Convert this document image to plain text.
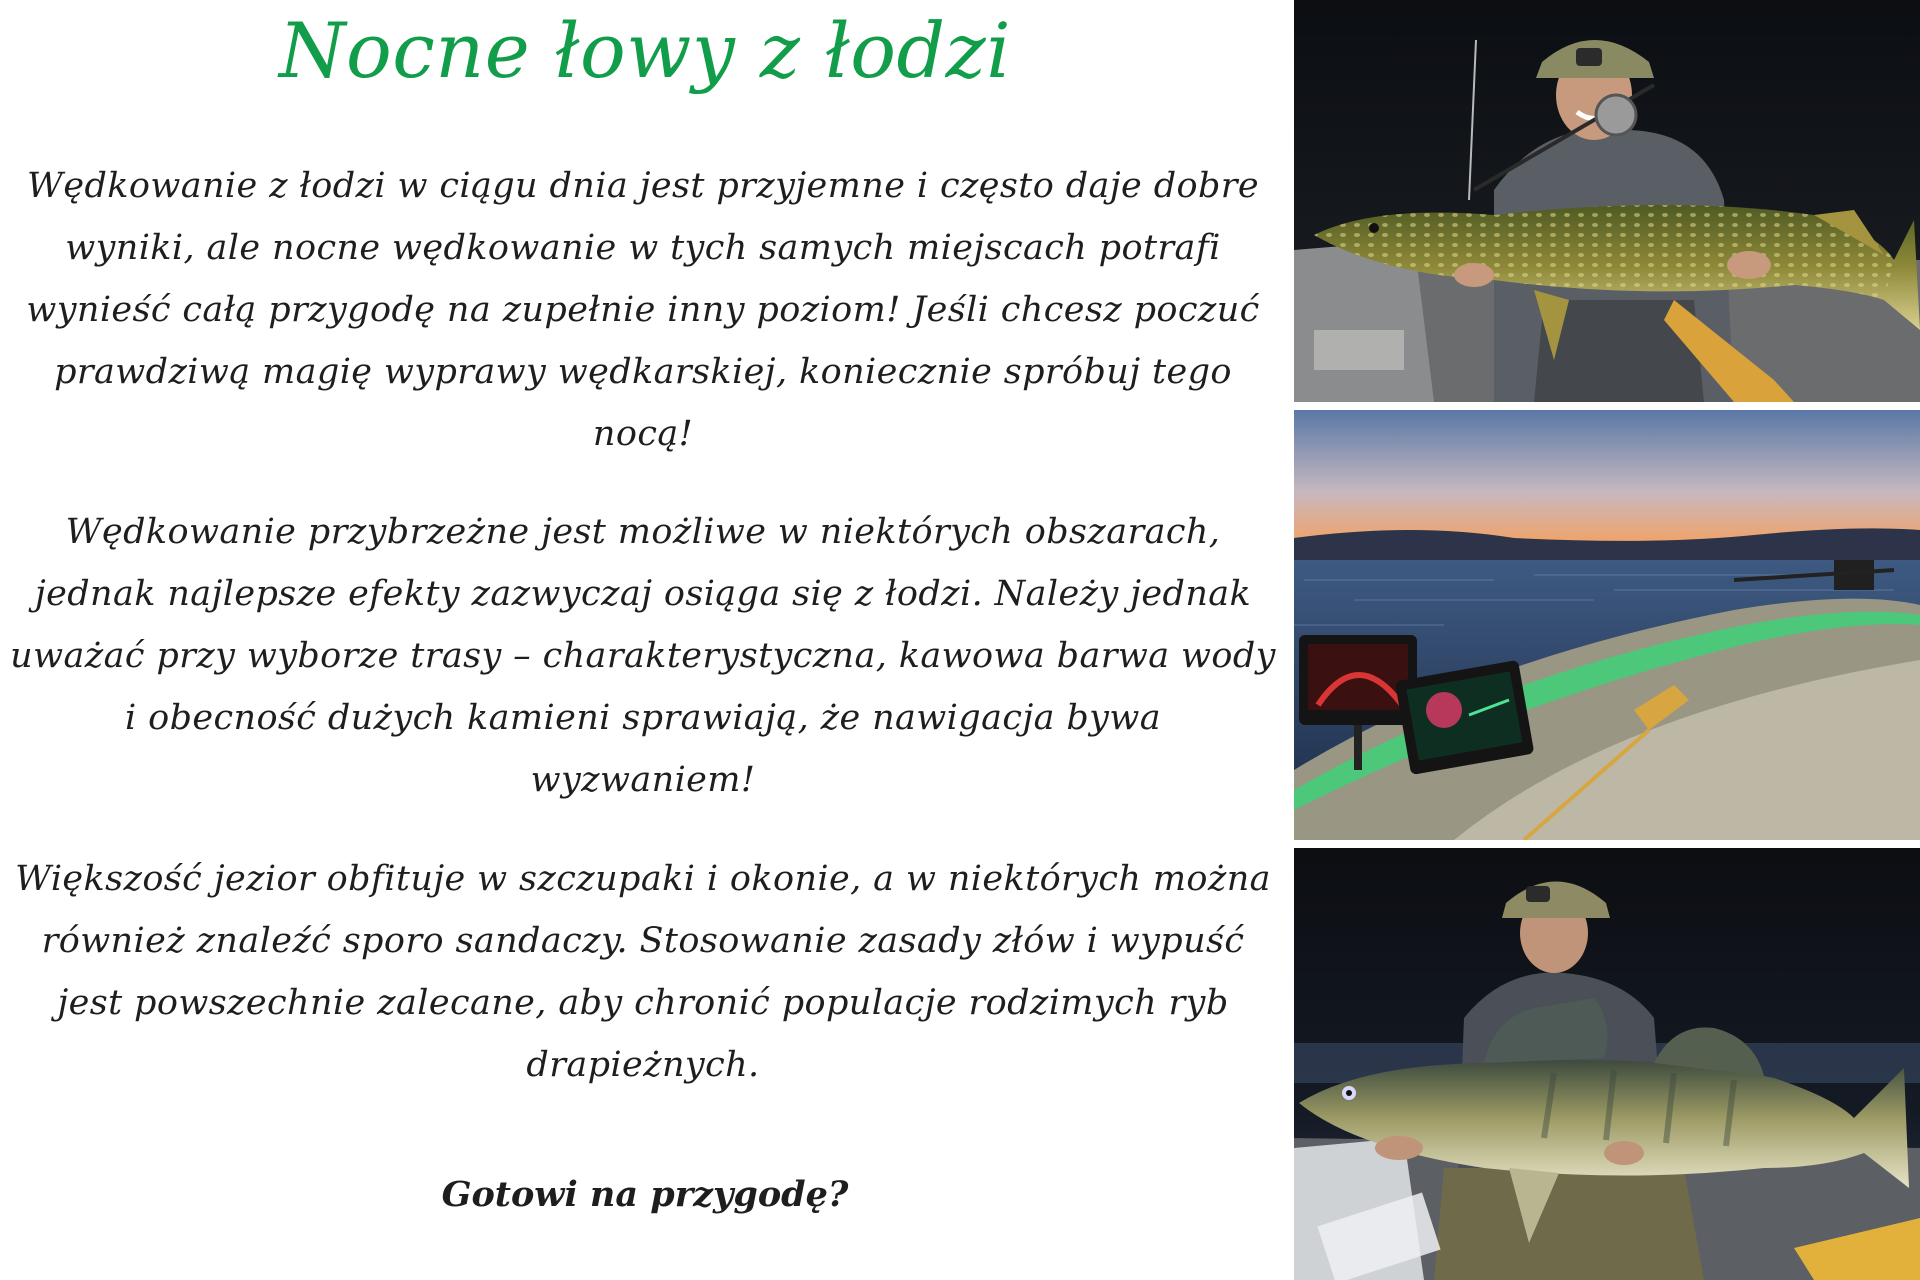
Nocne łowy z łodzi

Wędkowanie z łodzi w ciągu dnia jest przyjemne i często daje dobre wyniki, ale nocne wędkowanie w tych samych miejscach potrafi wynieść całą przygodę na zupełnie inny poziom! Jeśli chcesz poczuć prawdziwą magię wyprawy wędkarskiej, koniecznie spróbuj tego nocą!

Wędkowanie przybrzeżne jest możliwe w niektórych obszarach, jednak najlepsze efekty zazwyczaj osiąga się z łodzi. Należy jednak uważać przy wyborze trasy – charakterystyczna, kawowa barwa wody i obecność dużych kamieni sprawiają, że nawigacja bywa wyzwaniem!

Większość jezior obfituje w szczupaki i okonie, a w niektórych można również znaleźć sporo sandaczy. Stosowanie zasady złów i wypuść jest powszechnie zalecane, aby chronić populacje rodzimych ryb drapieżnych.

Gotowi na przygodę?
